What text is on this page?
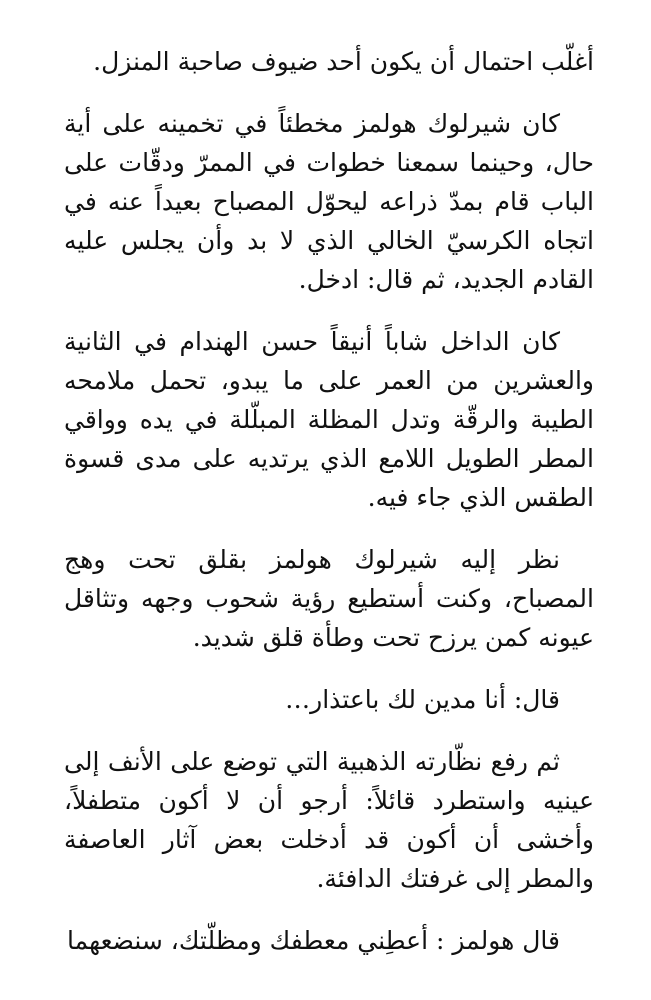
أغلّب احتمال أن يكون أحد ضيوف صاحبة المنزل.

كان شيرلوك هولمز مخطئاً في تخمينه على أية حال، وحينما سمعنا خطوات في الممرّ ودقّات على الباب قام بمدّ ذراعه ليحوّل المصباح بعيداً عنه في اتجاه الكرسيّ الخالي الذي لا بد وأن يجلس عليه القادم الجديد، ثم قال: ادخل.

كان الداخل شاباً أنيقاً حسن الهندام في الثانية والعشرين من العمر على ما يبدو، تحمل ملامحه الطيبة والرقّة وتدل المظلة المبلّلة في يده وواقي المطر الطويل اللامع الذي يرتديه على مدى قسوة الطقس الذي جاء فيه.

نظر إليه شيرلوك هولمز بقلق تحت وهج المصباح، وكنت أستطيع رؤية شحوب وجهه وتثاقل عيونه كمن يرزح تحت وطأة قلق شديد.

قال: أنا مدين لك باعتذار…

ثم رفع نظّارته الذهبية التي توضع على الأنف إلى عينيه واستطرد قائلاً: أرجو أن لا أكون متطفلاً، وأخشى أن أكون قد أدخلت بعض آثار العاصفة والمطر إلى غرفتك الدافئة.

قال هولمز : أعطِني معطفك ومظلّتك، سنضعهما
